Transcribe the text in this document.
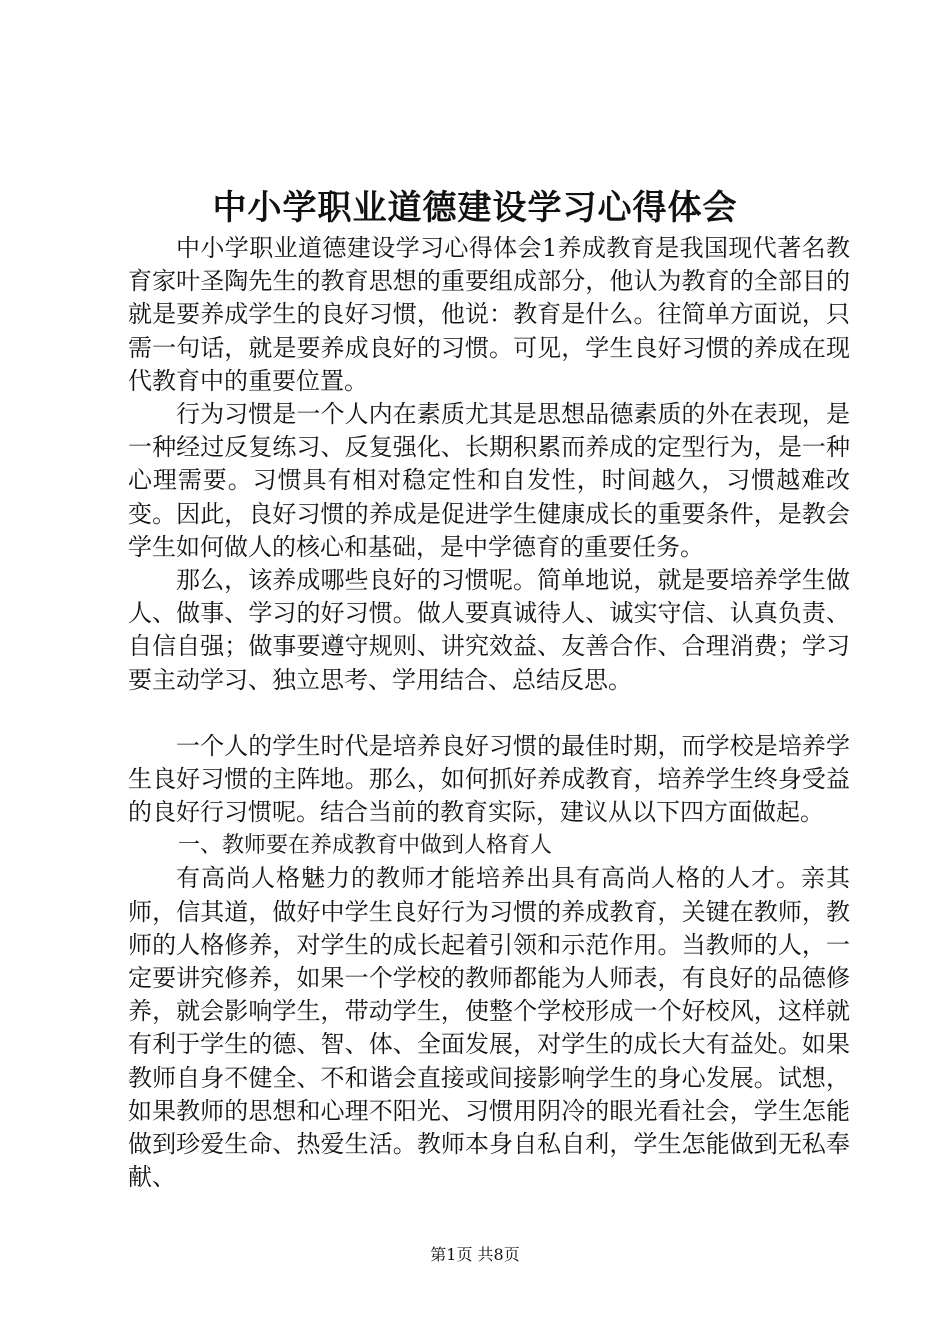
中小学职业道德建设学习心得体会

中小学职业道德建设学习心得体会1养成教育是我国现代著名教育家叶圣陶先生的教育思想的重要组成部分，他认为教育的全部目的就是要养成学生的良好习惯，他说：教育是什么。往简单方面说，只需一句话，就是要养成良好的习惯。可见，学生良好习惯的养成在现代教育中的重要位置。

行为习惯是一个人内在素质尤其是思想品德素质的外在表现，是一种经过反复练习、反复强化、长期积累而养成的定型行为，是一种心理需要。习惯具有相对稳定性和自发性，时间越久，习惯越难改变。因此，良好习惯的养成是促进学生健康成长的重要条件，是教会学生如何做人的核心和基础，是中学德育的重要任务。

那么，该养成哪些良好的习惯呢。简单地说，就是要培养学生做人、做事、学习的好习惯。做人要真诚待人、诚实守信、认真负责、自信自强；做事要遵守规则、讲究效益、友善合作、合理消费；学习要主动学习、独立思考、学用结合、总结反思。

一个人的学生时代是培养良好习惯的最佳时期，而学校是培养学生良好习惯的主阵地。那么，如何抓好养成教育，培养学生终身受益的良好行习惯呢。结合当前的教育实际，建议从以下四方面做起。

一、教师要在养成教育中做到人格育人

有高尚人格魅力的教师才能培养出具有高尚人格的人才。亲其师，信其道，做好中学生良好行为习惯的养成教育，关键在教师，教师的人格修养，对学生的成长起着引领和示范作用。当教师的人，一定要讲究修养，如果一个学校的教师都能为人师表，有良好的品德修养，就会影响学生，带动学生，使整个学校形成一个好校风，这样就有利于学生的德、智、体、全面发展，对学生的成长大有益处。如果教师自身不健全、不和谐会直接或间接影响学生的身心发展。试想，如果教师的思想和心理不阳光、习惯用阴冷的眼光看社会，学生怎能做到珍爱生命、热爱生活。教师本身自私自利，学生怎能做到无私奉献、

第1页 共8页
